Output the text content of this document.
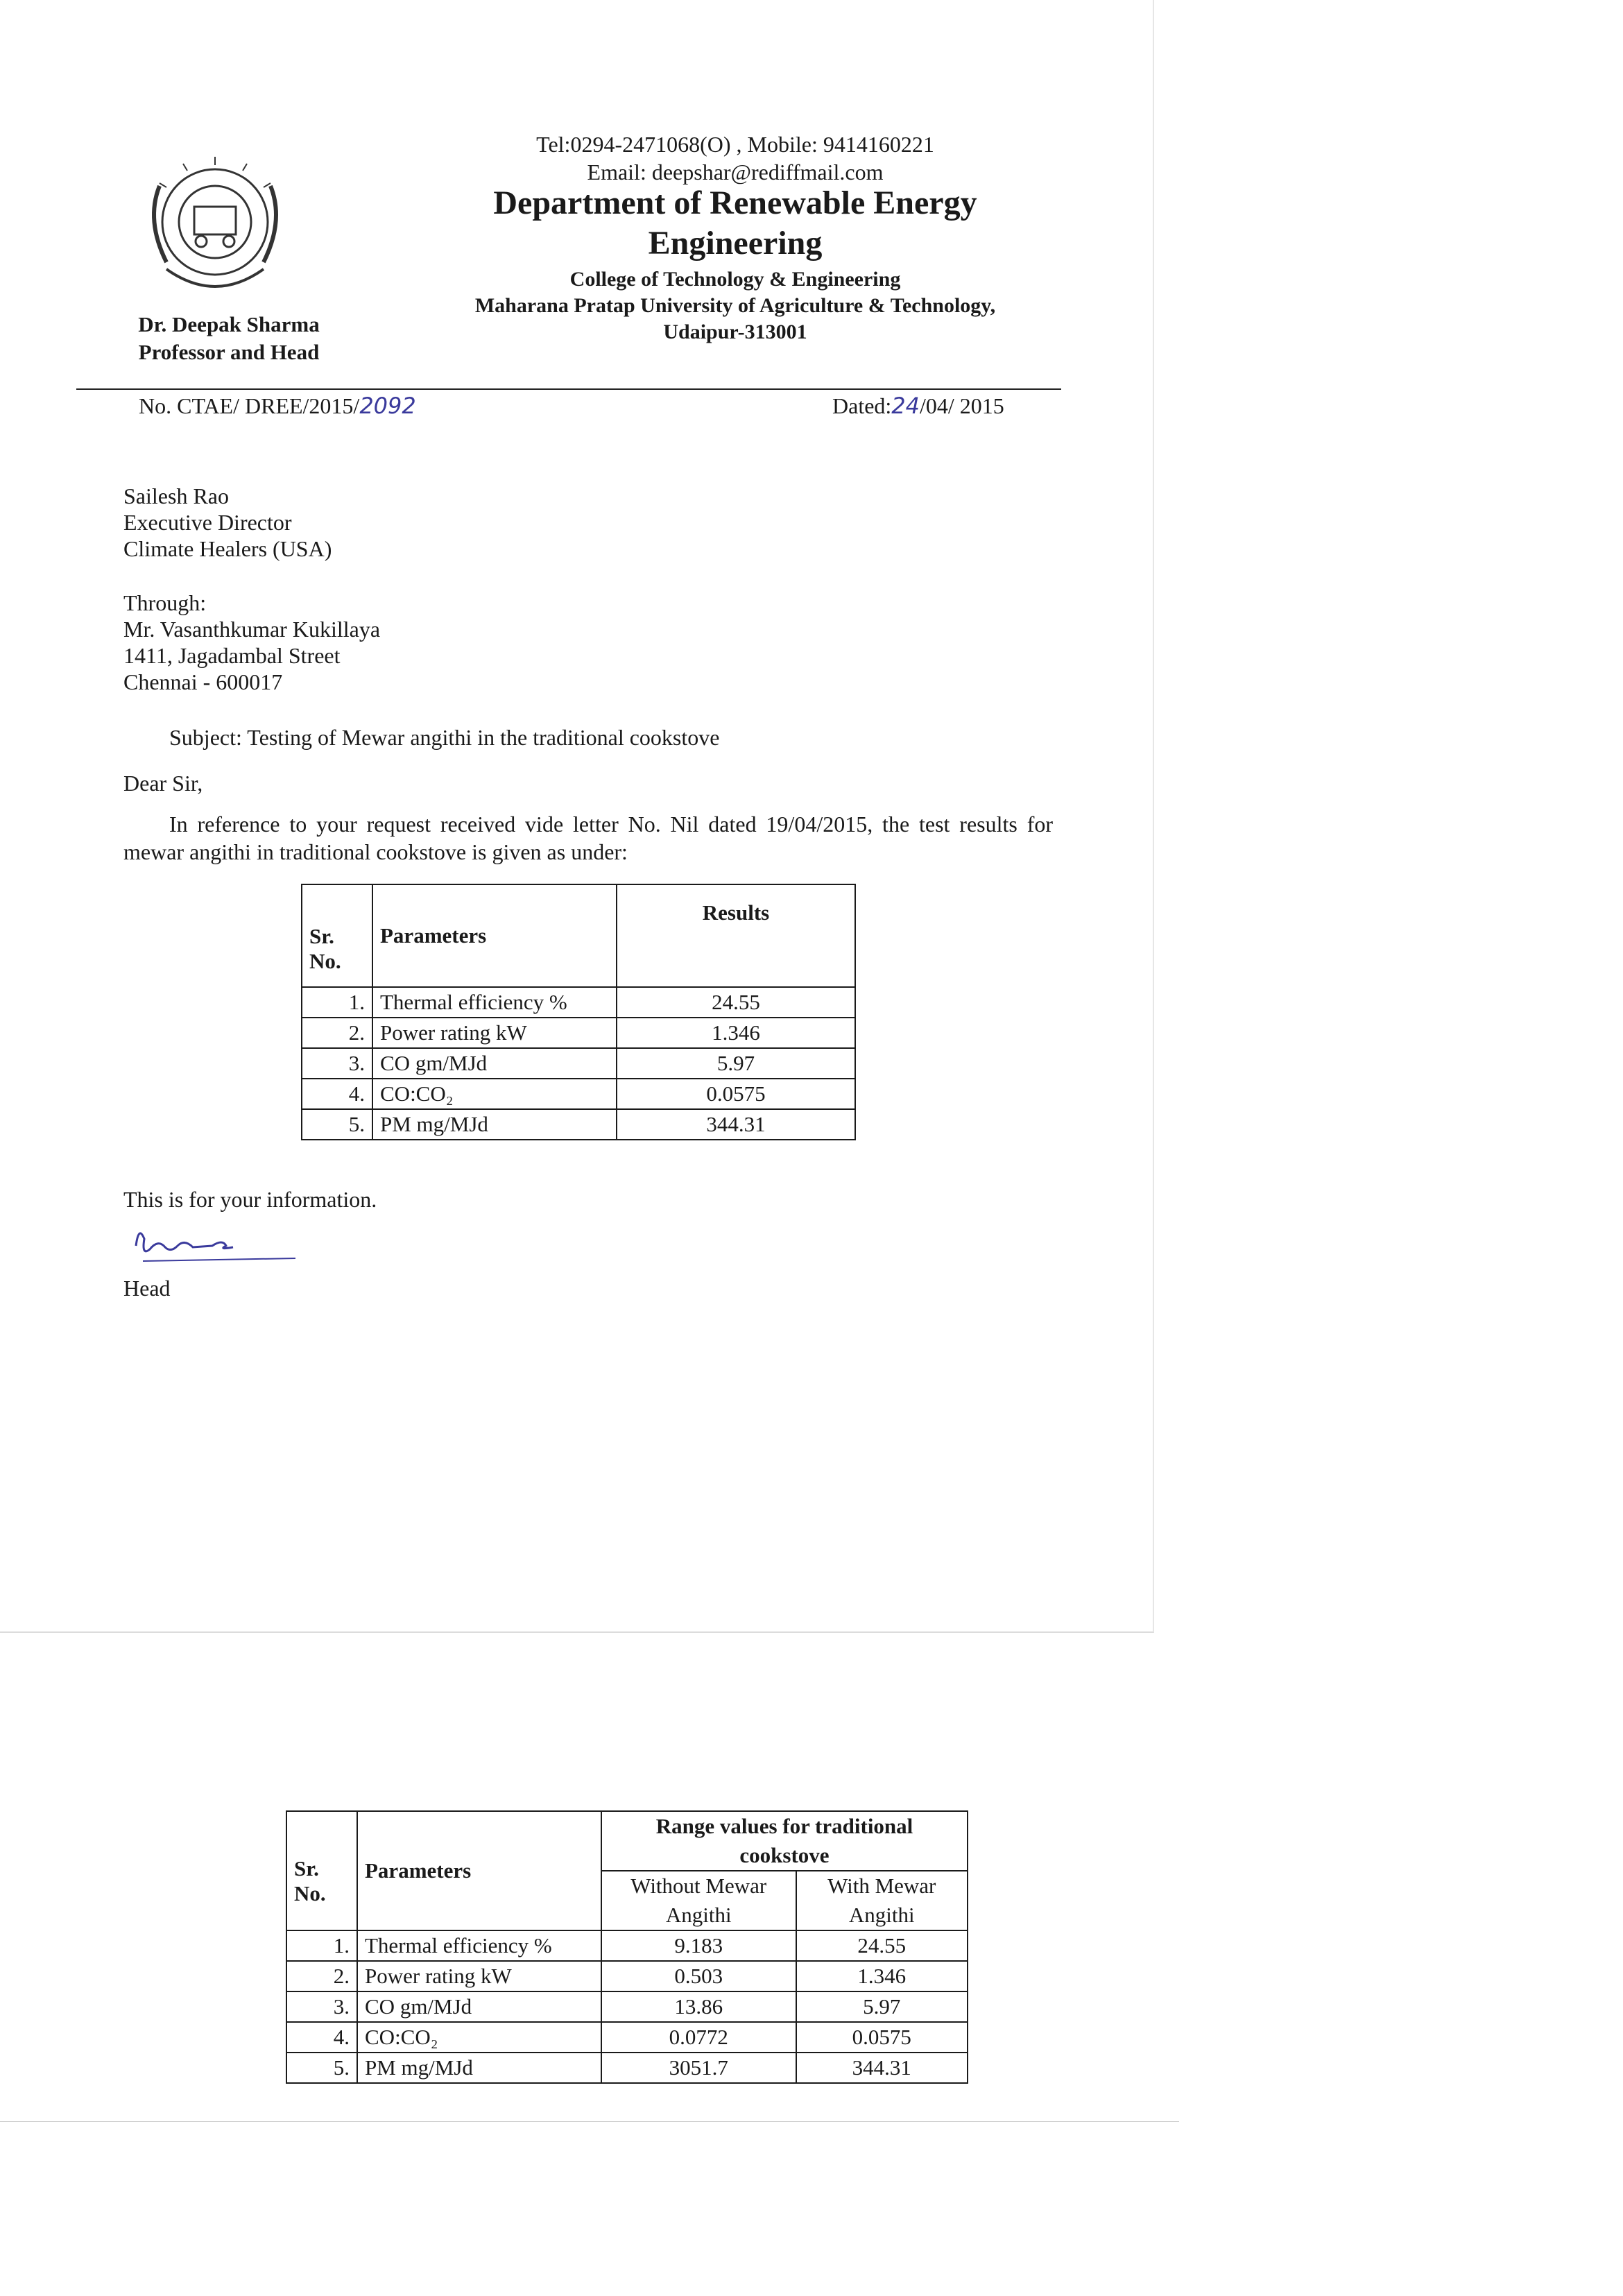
Tel:0294-2471068(O) , Mobile: 9414160221
Email: deepshar@rediffmail.com
Department of Renewable Energy
Engineering
College of Technology & Engineering
Maharana Pratap University of Agriculture & Technology,
Udaipur-313001
Dr. Deepak Sharma
Professor and Head
No. CTAE/ DREE/2015/2092	Dated:24/04/ 2015
Sailesh Rao
Executive Director
Climate Healers (USA)
Through:
Mr. Vasanthkumar Kukillaya
1411, Jagadambal Street
Chennai - 600017
Subject: Testing of Mewar angithi in the traditional cookstove
Dear Sir,

In reference to your request received vide letter No. Nil dated 19/04/2015, the test results for mewar angithi in traditional cookstove is given as under:

Sr. No.	Parameters	Results
1.	Thermal efficiency %	24.55
2.	Power rating kW	1.346
3.	CO gm/MJd	5.97
4.	CO:CO₂	0.0575
5.	PM mg/MJd	344.31
This is for your information.
Head
Sr. No.	Parameters	Range values for traditional cookstove	
		Without Mewar Angithi	With Mewar Angithi
1.	Thermal efficiency %	9.183	24.55
2.	Power rating kW	0.503	1.346
3.	CO gm/MJd	13.86	5.97
4.	CO:CO₂	0.0772	0.0575
5.	PM mg/MJd	3051.7	344.31
